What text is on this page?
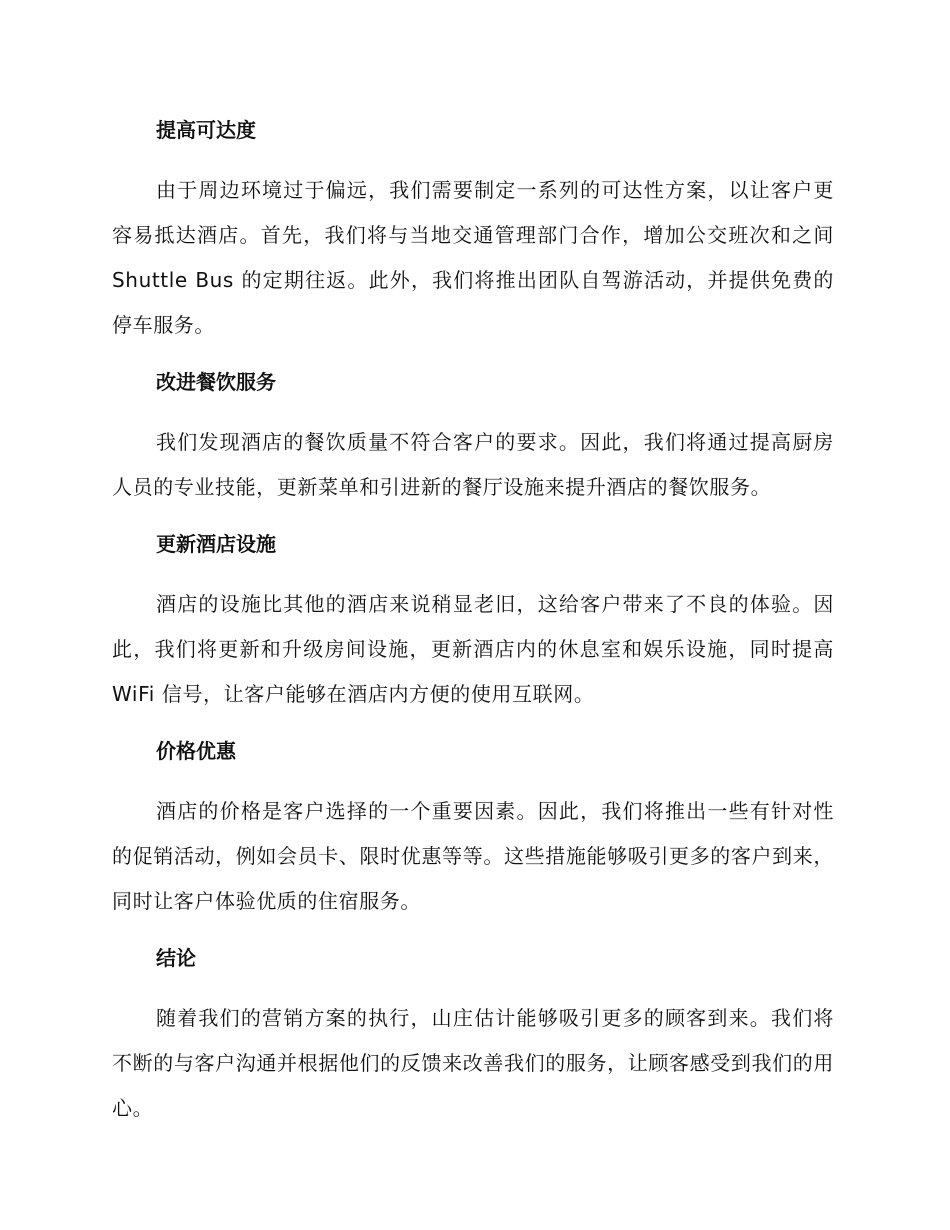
提高可达度

由于周边环境过于偏远，我们需要制定一系列的可达性方案，以让客户更容易抵达酒店。首先，我们将与当地交通管理部门合作，增加公交班次和之间 Shuttle Bus 的定期往返。此外，我们将推出团队自驾游活动，并提供免费的停车服务。

改进餐饮服务

我们发现酒店的餐饮质量不符合客户的要求。因此，我们将通过提高厨房人员的专业技能，更新菜单和引进新的餐厅设施来提升酒店的餐饮服务。

更新酒店设施

酒店的设施比其他的酒店来说稍显老旧，这给客户带来了不良的体验。因此，我们将更新和升级房间设施，更新酒店内的休息室和娱乐设施，同时提高 WiFi 信号，让客户能够在酒店内方便的使用互联网。

价格优惠

酒店的价格是客户选择的一个重要因素。因此，我们将推出一些有针对性的促销活动，例如会员卡、限时优惠等等。这些措施能够吸引更多的客户到来，同时让客户体验优质的住宿服务。

结论

随着我们的营销方案的执行，山庄估计能够吸引更多的顾客到来。我们将不断的与客户沟通并根据他们的反馈来改善我们的服务，让顾客感受到我们的用心。
